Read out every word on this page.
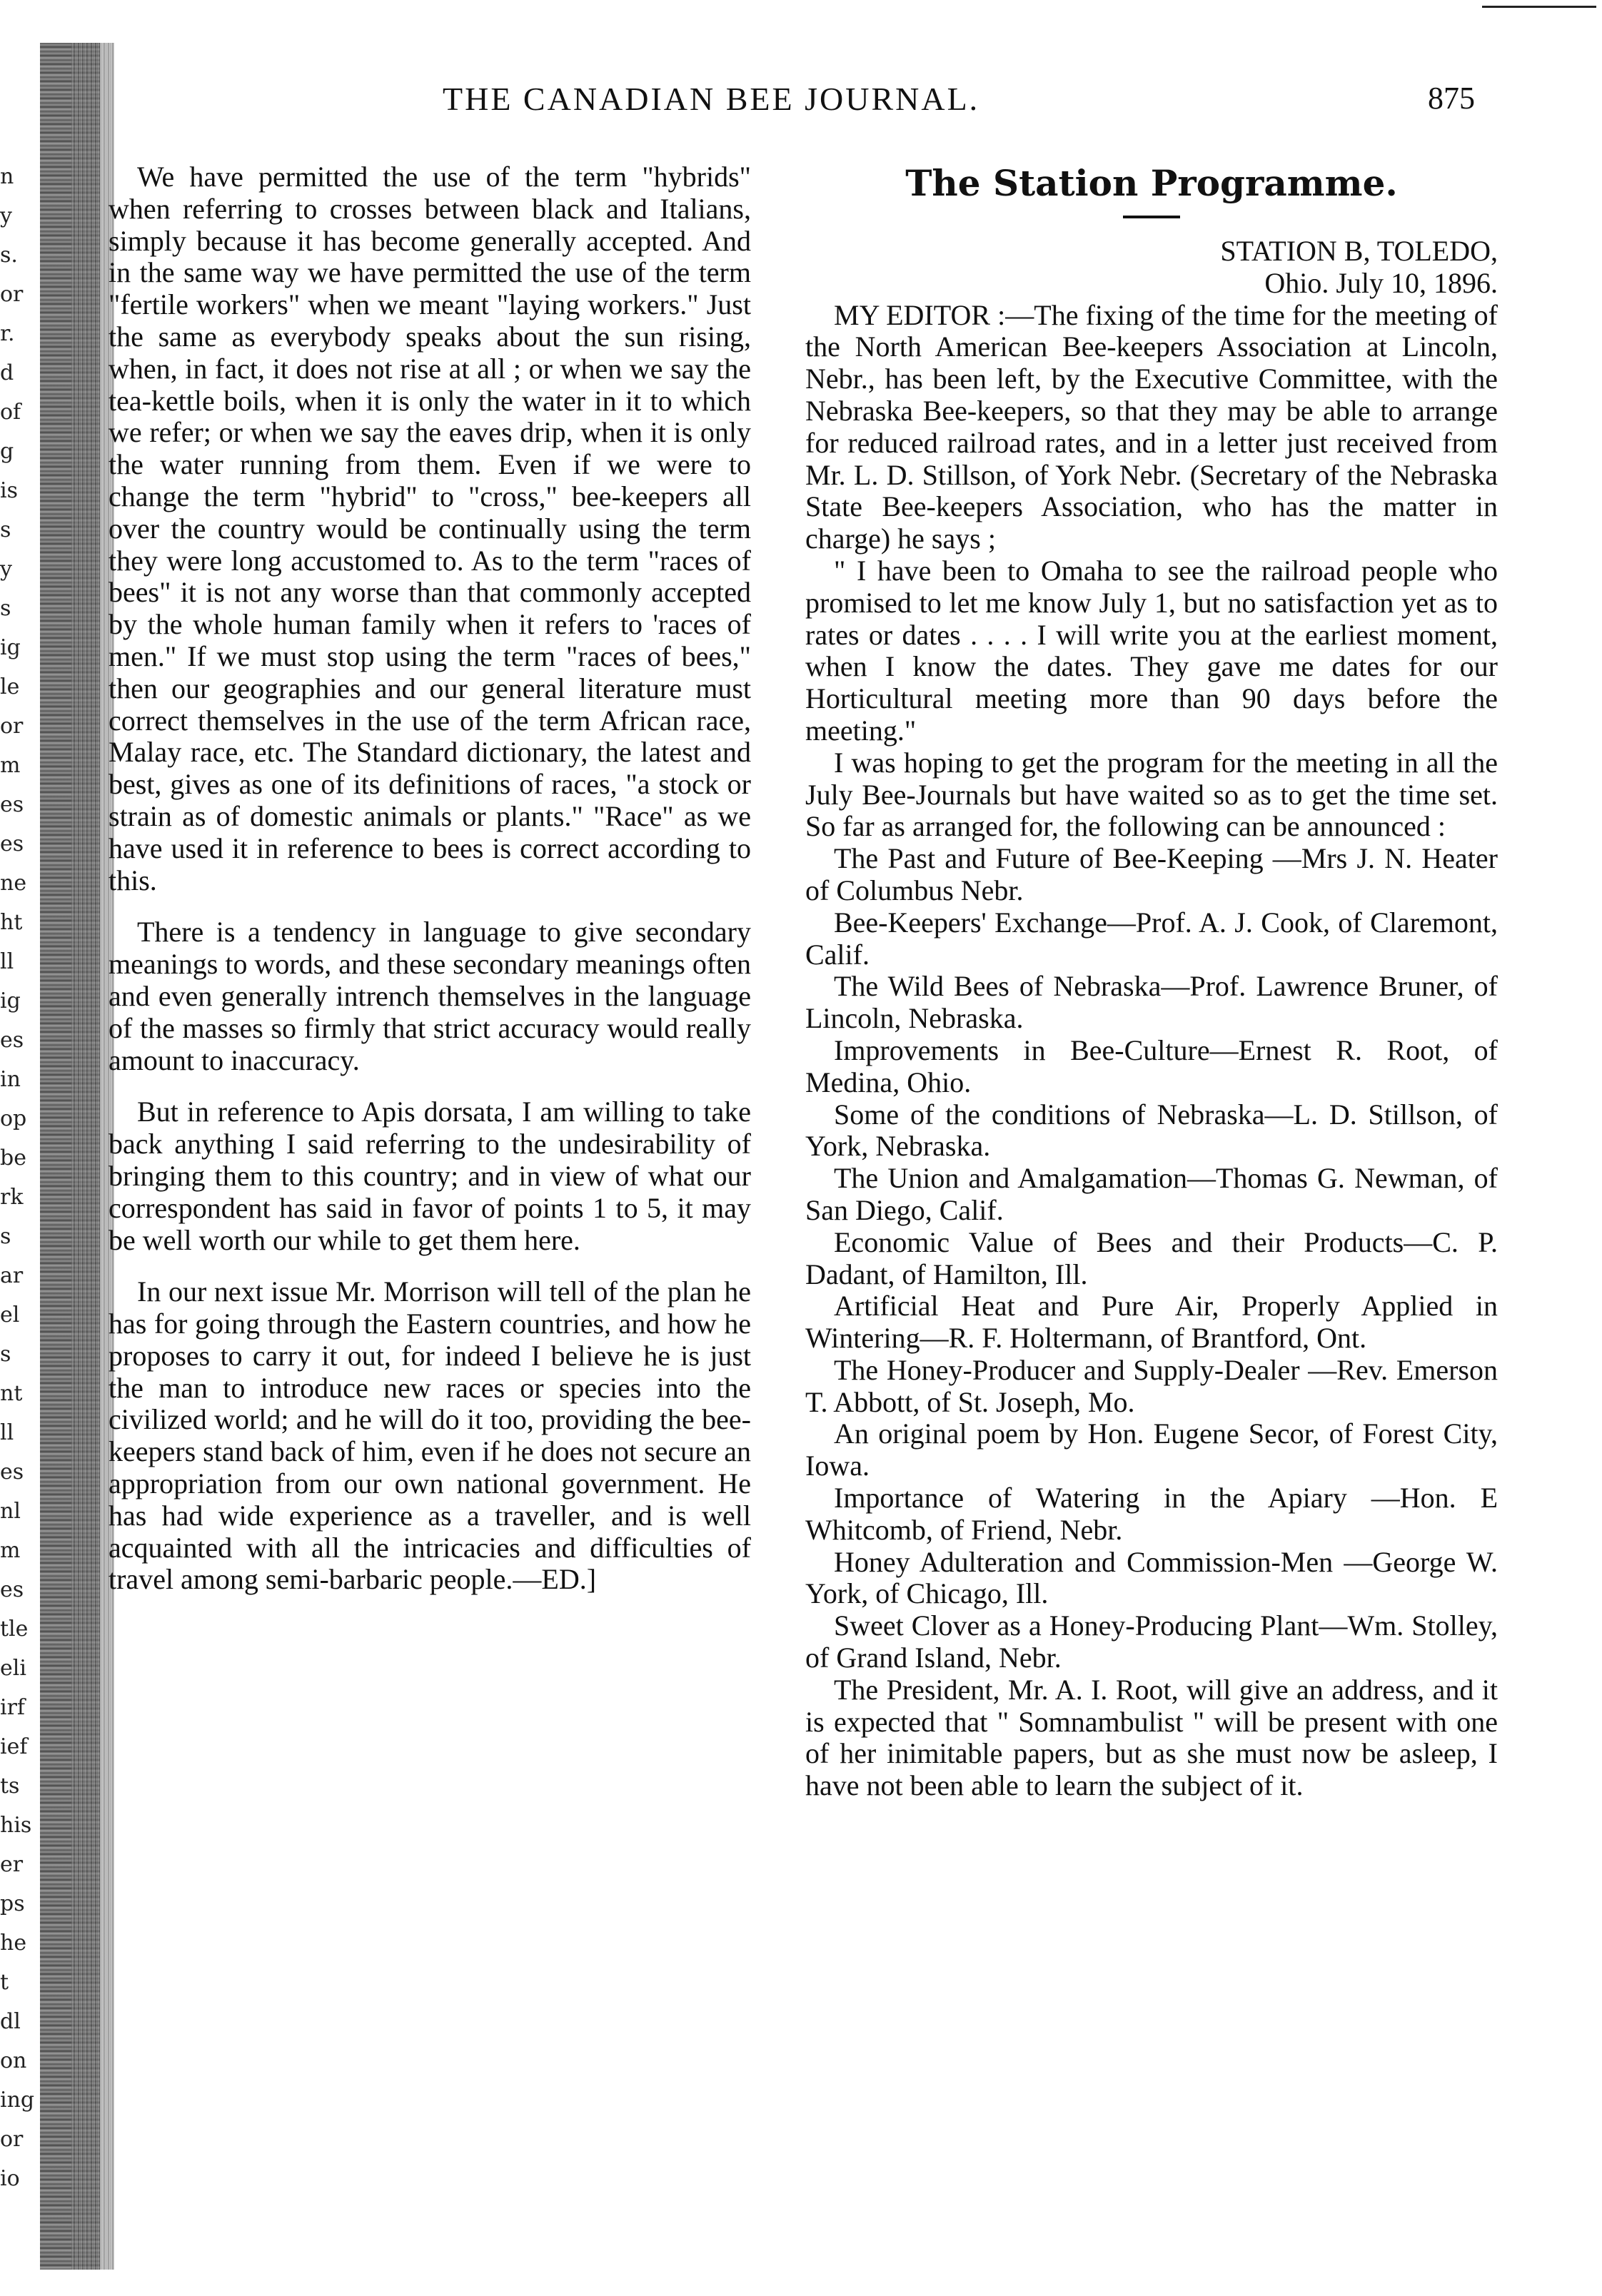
n
y
s.
or
r.
d
of
g
is
s
y
s
ig
le
or
m
es
es
ne
ht
ll
ig
es
in
op
be
rk
s
ar
el
s
nt
ll
es
nl
m
es
tle
eli
irf
ief
ts
his
er
ps
he
t
dl
on
ing
or
io
THE CANADIAN BEE JOURNAL.	875

We have permitted the use of the term "hybrids" when referring to crosses between black and Italians, simply because it has become generally accepted. And in the same way we have permitted the use of the term "fertile workers" when we meant "laying workers." Just the same as everybody speaks about the sun rising, when, in fact, it does not rise at all ; or when we say the tea-kettle boils, when it is only the water in it to which we refer; or when we say the eaves drip, when it is only the water running from them. Even if we were to change the term "hybrid" to "cross," bee-keepers all over the country would be continually using the term they were long accustomed to. As to the term "races of bees" it is not any worse than that commonly accepted by the whole human family when it refers to 'races of men." If we must stop using the term "races of bees," then our geographies and our general literature must correct themselves in the use of the term African race, Malay race, etc. The Standard dictionary, the latest and best, gives as one of its definitions of races, "a stock or strain as of domestic animals or plants." "Race" as we have used it in reference to bees is correct according to this.

There is a tendency in language to give secondary meanings to words, and these secondary meanings often and even generally intrench themselves in the language of the masses so firmly that strict accuracy would really amount to inaccuracy.

But in reference to Apis dorsata, I am willing to take back anything I said referring to the undesirability of bringing them to this country; and in view of what our correspondent has said in favor of points 1 to 5, it may be well worth our while to get them here.

In our next issue Mr. Morrison will tell of the plan he has for going through the Eastern countries, and how he proposes to carry it out, for indeed I believe he is just the man to introduce new races or species into the civilized world; and he will do it too, providing the bee-keepers stand back of him, even if he does not secure an appropriation from our own national government. He has had wide experience as a traveller, and is well acquainted with all the intricacies and difficulties of travel among semi-barbaric people.—ED.]

The Station Programme.

STATION B, TOLEDO,

Ohio. July 10, 1896.

MY EDITOR :—The fixing of the time for the meeting of the North American Bee-keepers Association at Lincoln, Nebr., has been left, by the Executive Committee, with the Nebraska Bee-keepers, so that they may be able to arrange for reduced railroad rates, and in a letter just received from Mr. L. D. Stillson, of York Nebr. (Secretary of the Nebraska State Bee-keepers Association, who has the matter in charge) he says ;

" I have been to Omaha to see the railroad people who promised to let me know July 1, but no satisfaction yet as to rates or dates . . . . I will write you at the earliest moment, when I know the dates. They gave me dates for our Horticultural meeting more than 90 days before the meeting."

I was hoping to get the program for the meeting in all the July Bee-Journals but have waited so as to get the time set. So far as arranged for, the following can be announced :

The Past and Future of Bee-Keeping —Mrs J. N. Heater of Columbus Nebr.

Bee-Keepers' Exchange—Prof. A. J. Cook, of Claremont, Calif.

The Wild Bees of Nebraska—Prof. Lawrence Bruner, of Lincoln, Nebraska.

Improvements in Bee-Culture—Ernest R. Root, of Medina, Ohio.

Some of the conditions of Nebraska—L. D. Stillson, of York, Nebraska.

The Union and Amalgamation—Thomas G. Newman, of San Diego, Calif.

Economic Value of Bees and their Products—C. P. Dadant, of Hamilton, Ill.

Artificial Heat and Pure Air, Properly Applied in Wintering—R. F. Holtermann, of Brantford, Ont.

The Honey-Producer and Supply-Dealer —Rev. Emerson T. Abbott, of St. Joseph, Mo.

An original poem by Hon. Eugene Secor, of Forest City, Iowa.

Importance of Watering in the Apiary —Hon. E Whitcomb, of Friend, Nebr.

Honey Adulteration and Commission-Men —George W. York, of Chicago, Ill.

Sweet Clover as a Honey-Producing Plant—Wm. Stolley, of Grand Island, Nebr.

The President, Mr. A. I. Root, will give an address, and it is expected that " Somnambulist " will be present with one of her inimitable papers, but as she must now be asleep, I have not been able to learn the subject of it.
